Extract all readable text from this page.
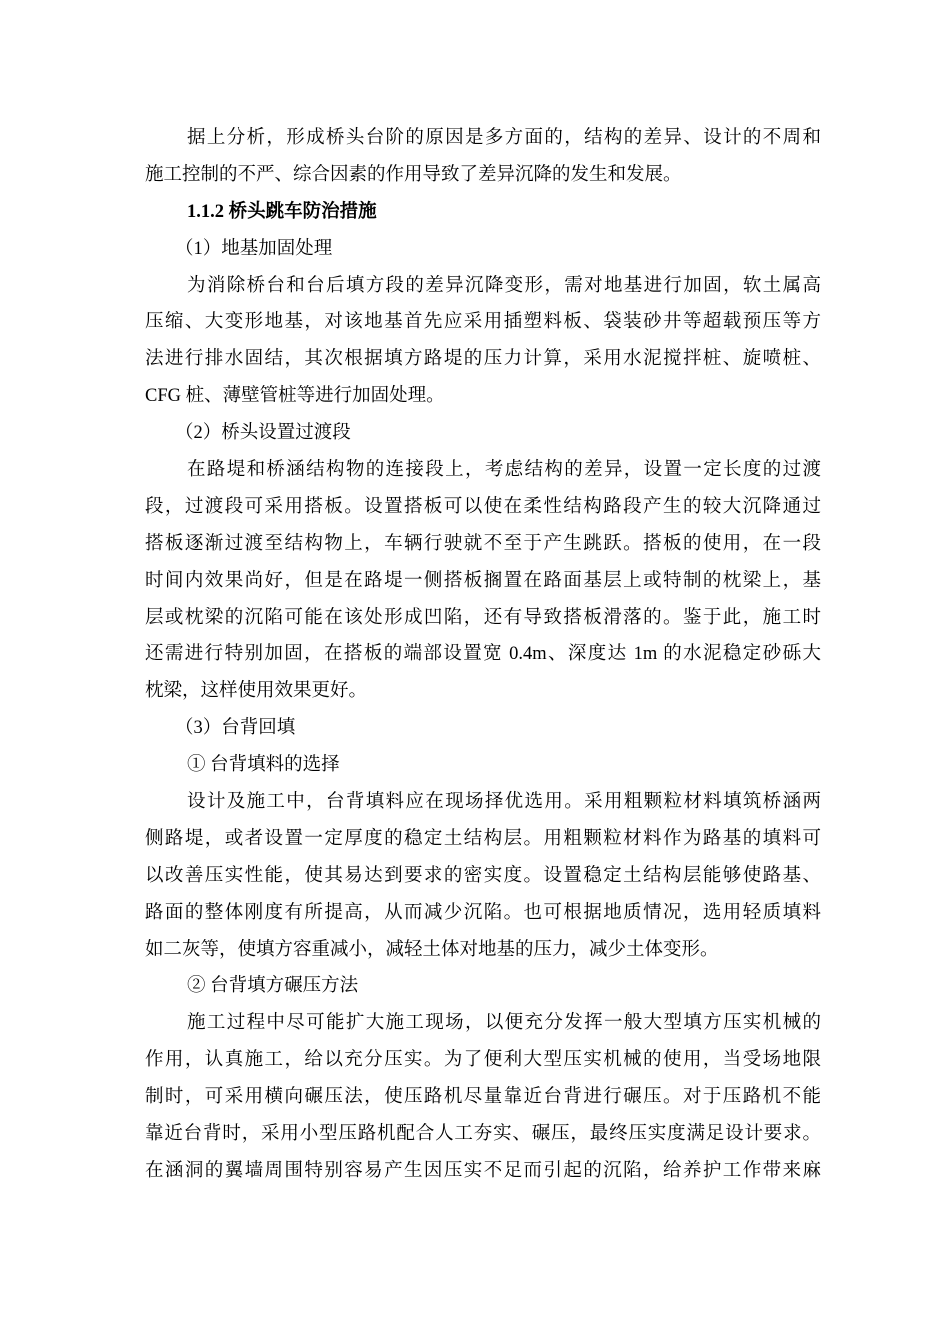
据上分析，形成桥头台阶的原因是多方面的，结构的差异、设计的不周和
施工控制的不严、综合因素的作用导致了差异沉降的发生和发展。
1.1.2 桥头跳车防治措施
（1）地基加固处理
为消除桥台和台后填方段的差异沉降变形，需对地基进行加固，软土属高
压缩、大变形地基，对该地基首先应采用插塑料板、袋装砂井等超载预压等方
法进行排水固结，其次根据填方路堤的压力计算，采用水泥搅拌桩、旋喷桩、
CFG 桩、薄壁管桩等进行加固处理。
（2）桥头设置过渡段
在路堤和桥涵结构物的连接段上，考虑结构的差异，设置一定长度的过渡
段，过渡段可采用搭板。设置搭板可以使在柔性结构路段产生的较大沉降通过
搭板逐渐过渡至结构物上，车辆行驶就不至于产生跳跃。搭板的使用，在一段
时间内效果尚好，但是在路堤一侧搭板搁置在路面基层上或特制的枕梁上，基
层或枕梁的沉陷可能在该处形成凹陷，还有导致搭板滑落的。鉴于此，施工时
还需进行特别加固，在搭板的端部设置宽 0.4m、深度达 1m 的水泥稳定砂砾大
枕梁，这样使用效果更好。
（3）台背回填
① 台背填料的选择
设计及施工中，台背填料应在现场择优选用。采用粗颗粒材料填筑桥涵两
侧路堤，或者设置一定厚度的稳定土结构层。用粗颗粒材料作为路基的填料可
以改善压实性能，使其易达到要求的密实度。设置稳定土结构层能够使路基、
路面的整体刚度有所提高，从而减少沉陷。也可根据地质情况，选用轻质填料
如二灰等，使填方容重减小，减轻土体对地基的压力，减少土体变形。
② 台背填方碾压方法
施工过程中尽可能扩大施工现场，以便充分发挥一般大型填方压实机械的
作用，认真施工，给以充分压实。为了便利大型压实机械的使用，当受场地限
制时，可采用横向碾压法，使压路机尽量靠近台背进行碾压。对于压路机不能
靠近台背时，采用小型压路机配合人工夯实、碾压，最终压实度满足设计要求。
在涵洞的翼墙周围特别容易产生因压实不足而引起的沉陷，给养护工作带来麻
